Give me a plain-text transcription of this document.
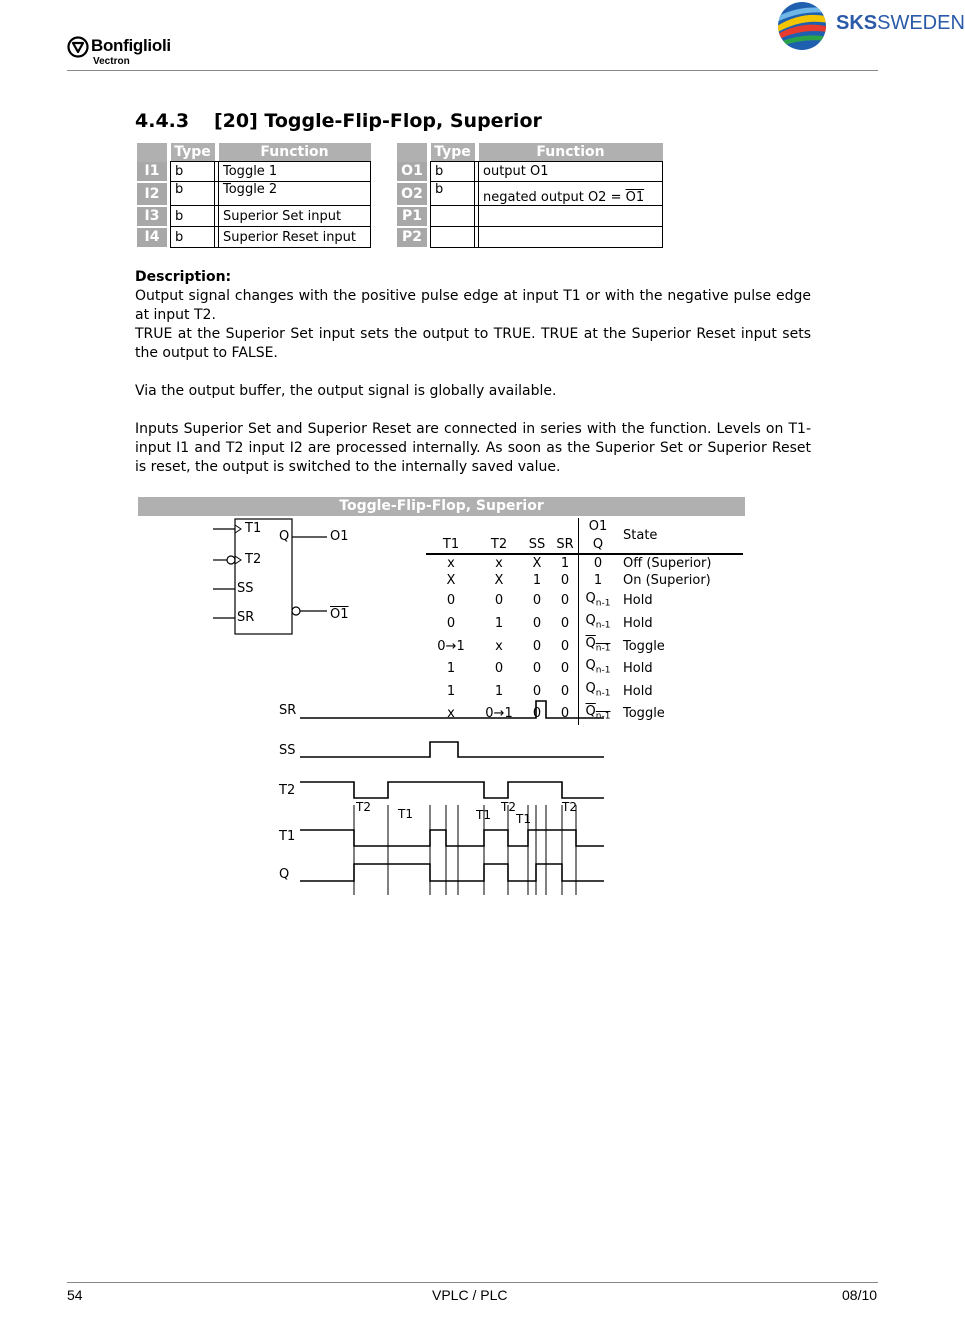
Bonfiglioli
Vectron
SKSSWEDEN
4.4.3 [20] Toggle-Flip-Flop, Superior
		Type		Function
I1		b		Toggle 1
I2		b		Toggle 2
I3		b		Superior Set input
I4		b		Superior Reset input
		Type		Function
O1		b		output O1
O2		b		negated output O2 = O1
P1				
P2				

Description:

Output signal changes with the positive pulse edge at input T1 or with the negative pulse edge at input T2.

TRUE at the Superior Set input sets the output to TRUE. TRUE at the Superior Reset input sets the output to FALSE.

Via the output buffer, the output signal is globally available.

Inputs Superior Set and Superior Reset are connected in series with the function. Levels on T1-input I1 and T2 input I2 are processed internally. As soon as the Superior Set or Superior Reset is reset, the output is switched to the internally saved value.

Toggle-Flip-Flop, Superior
T1
T2
SS
SR
Q	O1
O1
				O1	State
T1	T2	SS	SR	Q	
x	x	X	1	0	Off (Superior)
X	X	1	0	1	On (Superior)
0	0	0	0	$Q_{n-1}$	Hold
0	1	0	0	$Q_{n-1}$	Hold
0→1	x	0	0	$Q_{n-1}$	Toggle
1	0	0	0	$Q_{n-1}$	Hold
1	1	0	0	$Q_{n-1}$	Hold
x	0→1	0	0	$Q_{n-1}$	Toggle
SR
SS
T2
T1
Q
T2 T1	T1
T2
T1
T2
54	VPLC / PLC	08/10
